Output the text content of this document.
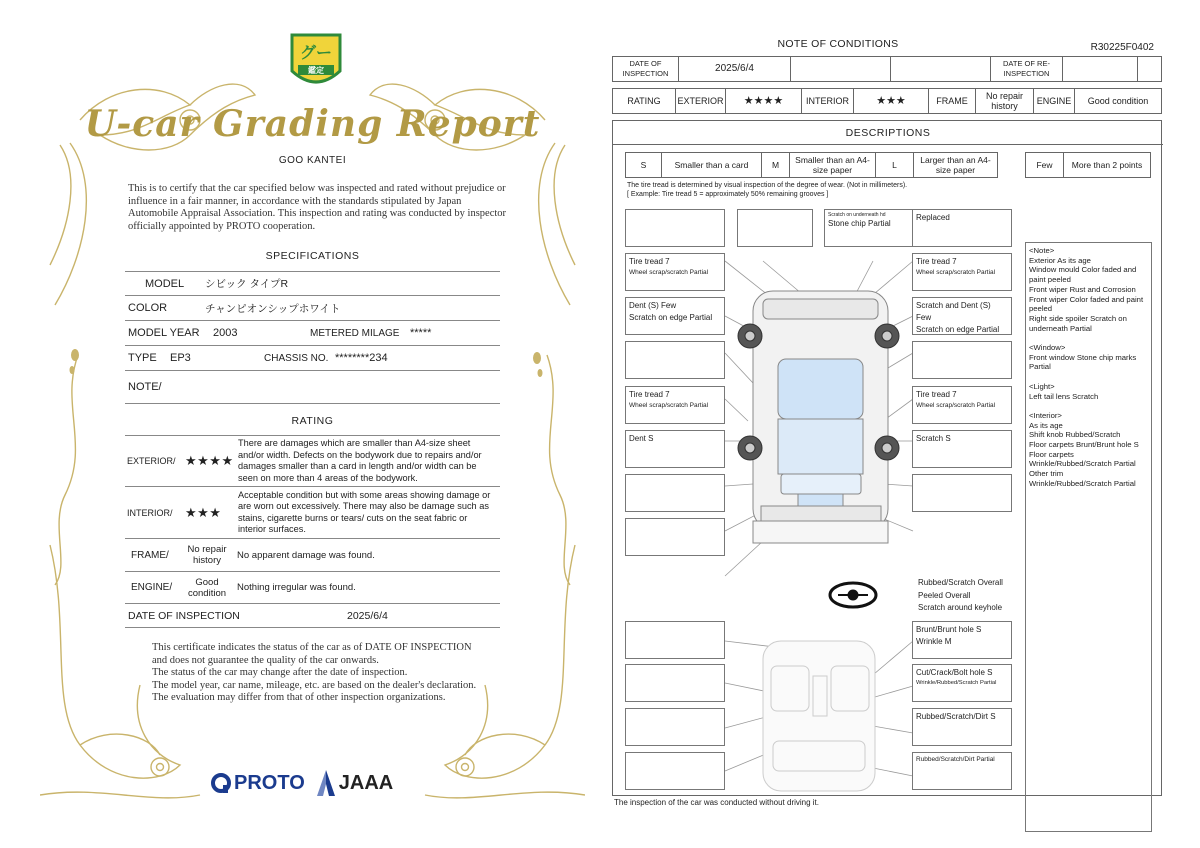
グー
鑑定
U-car Grading Report
GOO KANTEI
This is to certify that the car specified below was inspected and rated without prejudice or influence in a fair manner, in accordance with the standards stipulated by Japan Automobile Appraisal Association. This inspection and rating was conducted by inspector officially appointed by PROTO cooperation.
SPECIFICATIONS
MODEL	シビック タイプR
COLOR	チャンピオンシップホワイト
MODEL YEAR	2003	METERED MILAGE *****
TYPE	EP3	CHASSIS NO. ********234
NOTE/
RATING
EXTERIOR/ ★★★★
There are damages which are smaller than A4-size sheet and/or width. Defects on the bodywork due to repairs and/or damages smaller than a card in length and/or width can be seen on more than 4 areas of the bodywork.
INTERIOR/ ★★★
Acceptable condition but with some areas showing damage or are worn out excessively. There may also be damage such as stains, cigarette burns or tears/ cuts on the seat fabric or interior surfaces.
FRAME/	No repair history	No apparent damage was found.
ENGINE/	Good condition	Nothing irregular was found.
DATE OF INSPECTION	2025/6/4
This certificate indicates the status of the car as of DATE OF INSPECTION and does not guarantee the quality of the car onwards.
The status of the car may change after the date of inspection.
The model year, car name, mileage, etc. are based on the dealer's declaration.
The evaluation may differ from that of other inspection organizations.
PROTO JAAA
NOTE OF CONDITIONS	R30225F0402
DATE OF INSPECTION	2025/6/4	DATE OF RE-INSPECTION
RATING	EXTERIOR	★★★★	INTERIOR	★★★	FRAME	No repair history	ENGINE	Good condition
DESCRIPTIONS
S	Smaller than a card	M	Smaller than an A4-size paper	L	Larger than an A4-size paper	Few	More than 2 points
The tire tread is determined by visual inspection of the degree of wear. (Not in millimeters).
[ Example: Tire tread 5 = approximately 50% remaining grooves ]
Tire tread 7
Wheel scrap/scratch Partial
Dent (S) Few
Scratch on edge Partial
Tire tread 7
Wheel scrap/scratch Partial
Dent S
Scratch on underneath hd
Stone chip Partial
Replaced
Tire tread 7
Wheel scrap/scratch Partial
Scratch and Dent (S) Few
Scratch on edge Partial
Tire tread 7
Wheel scrap/scratch Partial
Scratch S
Rubbed/Scratch Overall
Peeled Overall
Scratch around keyhole
Brunt/Brunt hole S
Wrinkle M
Cut/Crack/Bolt hole S
Wrinkle/Rubbed/Scratch Partial
Rubbed/Scratch/Dirt S
Rubbed/Scratch/Dirt Partial
<Note>
Exterior As its age
Window mould Color faded and paint peeled
Front wiper Rust and Corrosion
Front wiper Color faded and paint peeled
Right side spoiler Scratch on underneath Partial

<Window>
Front window Stone chip marks Partial

<Light>
Left tail lens Scratch

<Interior>
As its age
Shift knob Rubbed/Scratch
Floor carpets Brunt/Brunt hole S
Floor carpets Wrinkle/Rubbed/Scratch Partial
Other trim Wrinkle/Rubbed/Scratch Partial
The inspection of the car was conducted without driving it.
